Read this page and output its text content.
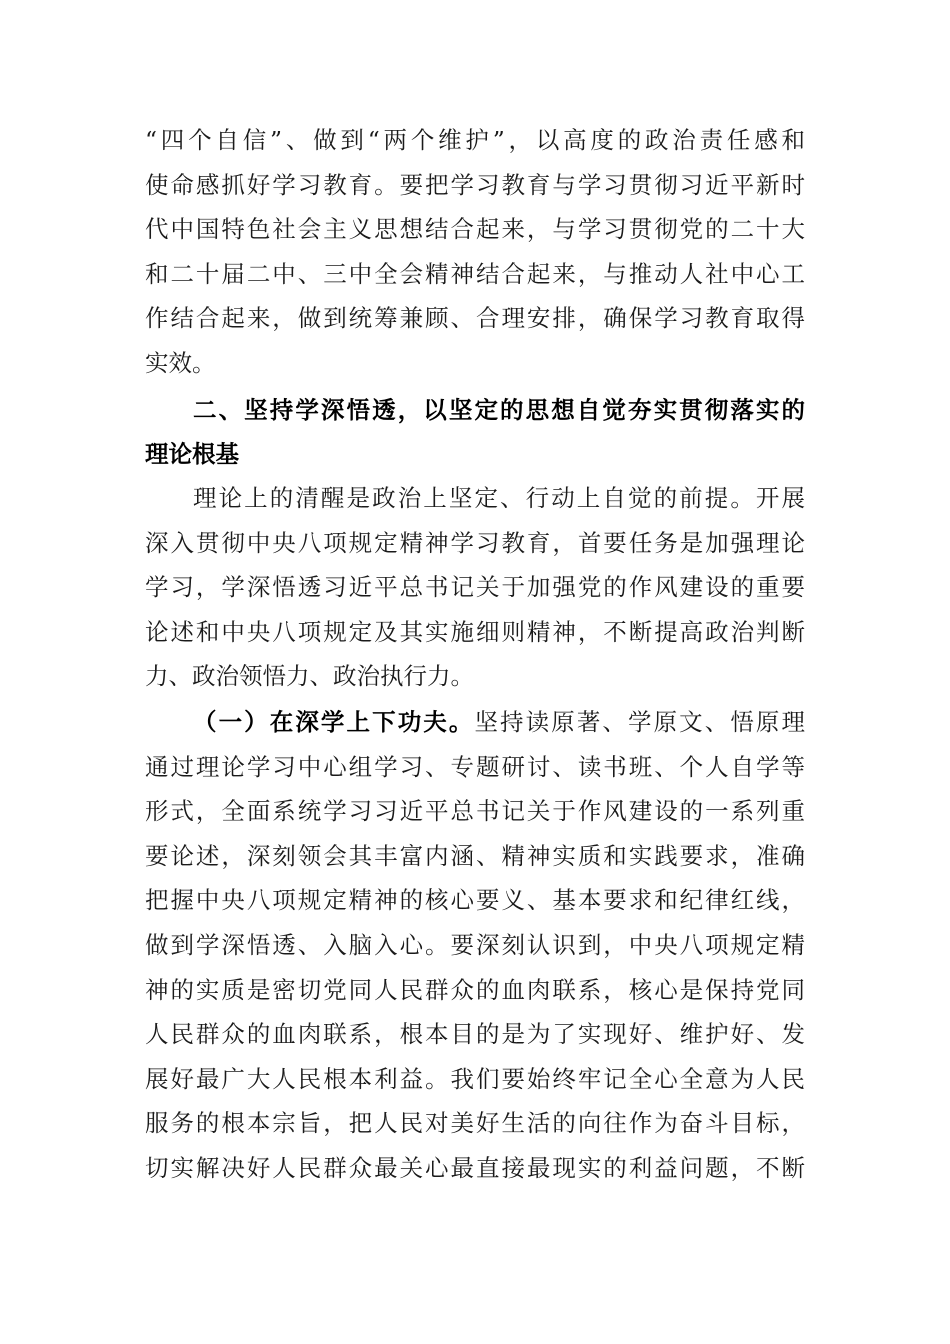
“四个自信”、做到“两个维护”，以高度的政治责任感和
使命感抓好学习教育。要把学习教育与学习贯彻习近平新时
代中国特色社会主义思想结合起来，与学习贯彻党的二十大
和二十届二中、三中全会精神结合起来，与推动人社中心工
作结合起来，做到统筹兼顾、合理安排，确保学习教育取得
实效。
二、坚持学深悟透，以坚定的思想自觉夯实贯彻落实的
理论根基
理论上的清醒是政治上坚定、行动上自觉的前提。开展
深入贯彻中央八项规定精神学习教育，首要任务是加强理论
学习，学深悟透习近平总书记关于加强党的作风建设的重要
论述和中央八项规定及其实施细则精神，不断提高政治判断
力、政治领悟力、政治执行力。
（一）在深学上下功夫。坚持读原著、学原文、悟原理
通过理论学习中心组学习、专题研讨、读书班、个人自学等
形式，全面系统学习习近平总书记关于作风建设的一系列重
要论述，深刻领会其丰富内涵、精神实质和实践要求，准确
把握中央八项规定精神的核心要义、基本要求和纪律红线，
做到学深悟透、入脑入心。要深刻认识到，中央八项规定精
神的实质是密切党同人民群众的血肉联系，核心是保持党同
人民群众的血肉联系，根本目的是为了实现好、维护好、发
展好最广大人民根本利益。我们要始终牢记全心全意为人民
服务的根本宗旨，把人民对美好生活的向往作为奋斗目标，
切实解决好人民群众最关心最直接最现实的利益问题，不断
